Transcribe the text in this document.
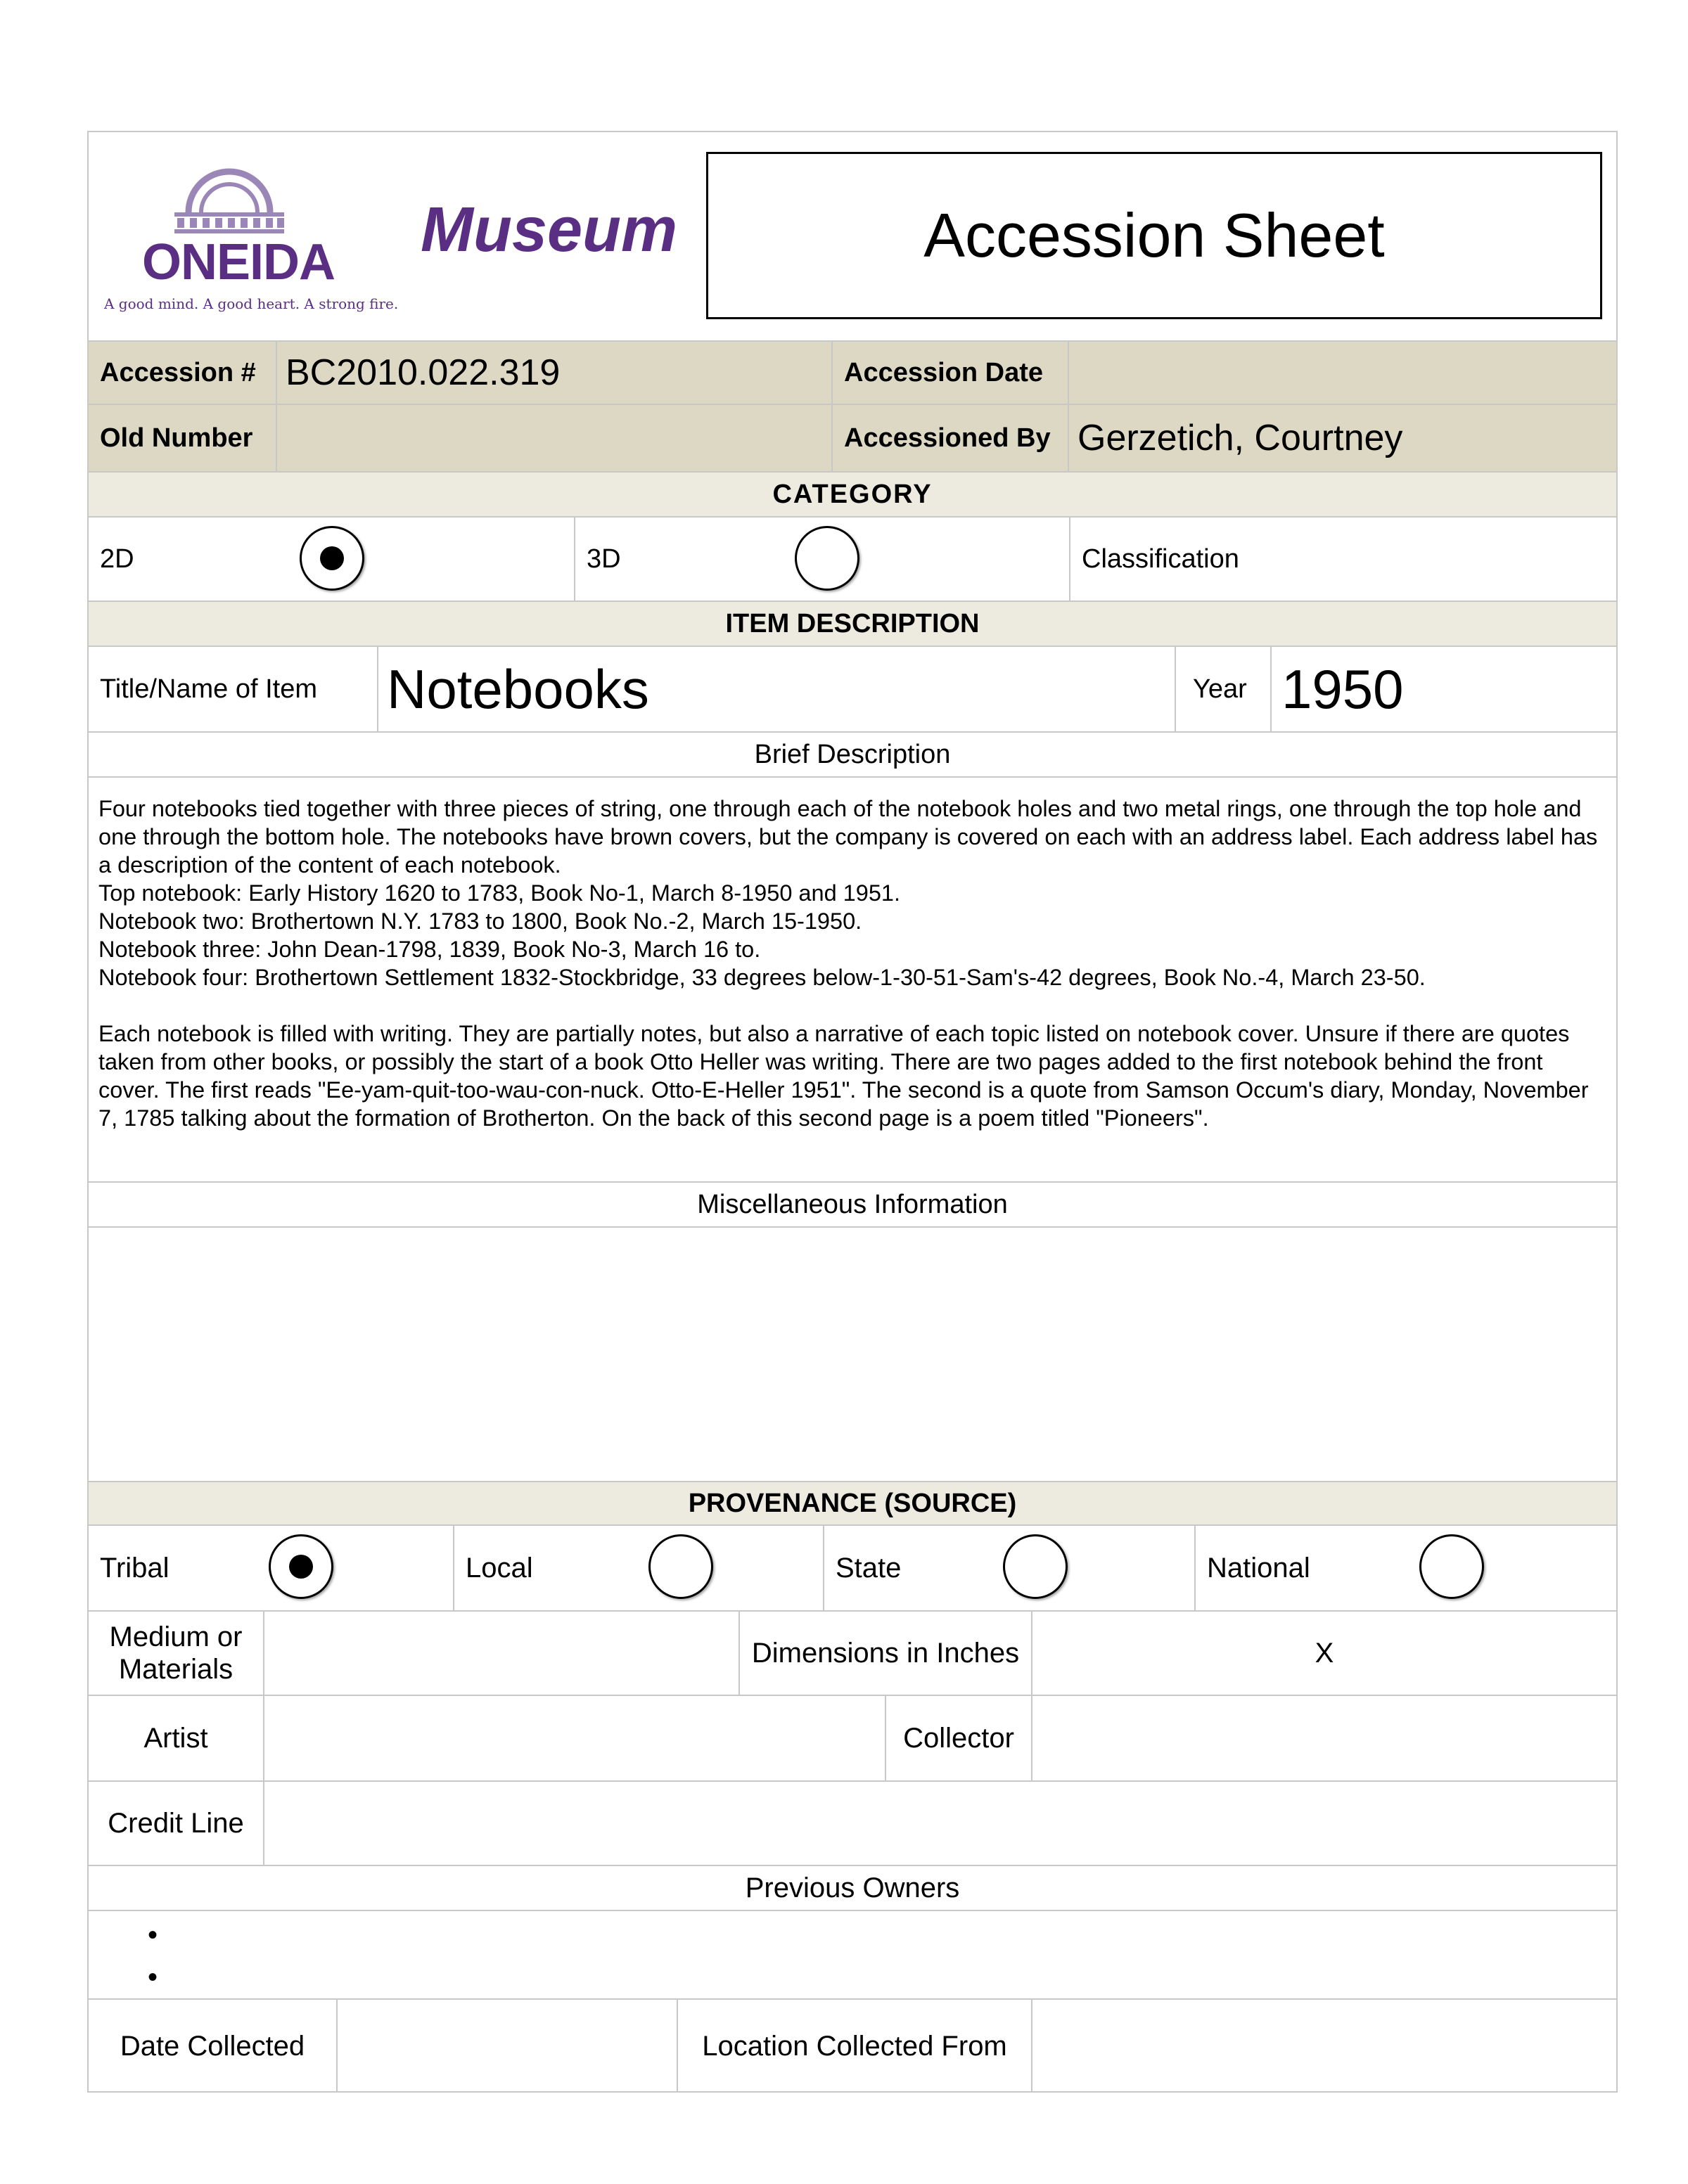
ONEIDA
A good mind. A good heart. A strong fire.
Museum	Accession Sheet
Accession # BC2010.022.319	Accession Date
Old Number	Accessioned By Gerzetich, Courtney
CATEGORY
2D	3D	Classification
ITEM DESCRIPTION
Title/Name of Item	Notebooks	Year 1950
Brief Description

Four notebooks tied together with three pieces of string, one through each of the notebook holes and two metal rings, one through the top hole and one through the bottom hole. The notebooks have brown covers, but the company is covered on each with an address label. Each address label has a description of the content of each notebook.

Top notebook: Early History 1620 to 1783, Book No-1, March 8-1950 and 1951.

Notebook two: Brothertown N.Y. 1783 to 1800, Book No.-2, March 15-1950.

Notebook three: John Dean-1798, 1839, Book No-3, March 16 to.

Notebook four: Brothertown Settlement 1832-Stockbridge, 33 degrees below-1-30-51-Sam's-42 degrees, Book No.-4, March 23-50.

Each notebook is filled with writing. They are partially notes, but also a narrative of each topic listed on notebook cover. Unsure if there are quotes taken from other books, or possibly the start of a book Otto Heller was writing. There are two pages added to the first notebook behind the front cover. The first reads "Ee-yam-quit-too-wau-con-nuck. Otto-E-Heller 1951". The second is a quote from Samson Occum's diary, Monday, November 7, 1785 talking about the formation of Brotherton. On the back of this second page is a poem titled "Pioneers".

Miscellaneous Information
PROVENANCE (SOURCE)
Tribal	Local	State	National
Medium or
Materials
Dimensions in Inches	X
Artist	Collector
Credit Line
Previous Owners
•
•
Date Collected	Location Collected From
